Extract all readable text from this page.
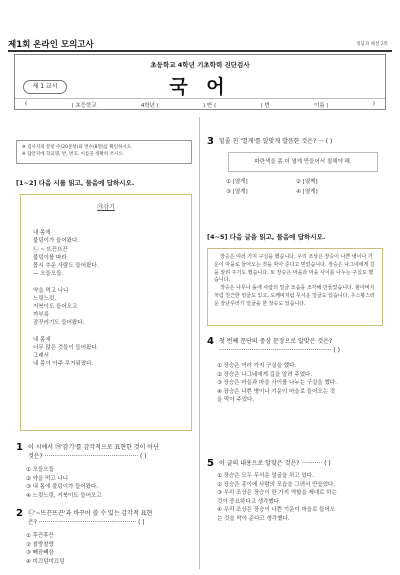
제1회 온라인 모의고사	정답과 해설 2쪽
초등학교 4학년 기초학력 진단검사
제 1 교시	국 어
(	) 초등학교	4학년 (	) 반 (	) 번	이름 (	)
※ 검사지의 문항 수(20문항)와 면수(8면)를 확인하시오.
※ 답안지에 학교명, 반, 번호, 이름을 정확히 쓰시오.
[1~2] 다음 시를 읽고, 물음에 답하시오.
㉮감기
내 몸에
불덩이가 들어왔다.
㉡ ~ 뜨끈뜨끈
불덩이를 따라
몹시 추운 사람도 들어왔다.
― 오들오들.
약을 먹고 나니
느릿느릿,
거북이도 들어오고
까부룩
잠꾸러기도 들어왔다.
내 몸에
너무 많은 것들이 들어왔다.
그래서
내 몸이 아주 무거워졌다.
1 이 시에서 ㉮'감기'를 감각적으로 표현한 것이 아닌
것은? ················································· ( )
① 오들오들
② 약을 먹고 나니
③ 내 몸에 불덩이가 들어왔다.
④ 느릿느릿, 거북이도 들어오고
2 ㉡'~뜨끈뜨끈'과 바꾸어 쓸 수 있는 감각적 표현
은? ··················································· ( )
① 후끈후끈
② 찰랑찰랑
③ 빼끔빼끔
④ 미끄덩미끄덩
3 밑줄 친 '열게'를 알맞게 발음한 것은? ··· ( )
파란색을 좀 더 열게 만들어서 칠해야 해.
① [열게]	② [열께]
③ [열게]	④ [열게]
[4~5] 다음 글을 읽고, 물음에 답하시오.
장승은 여러 가지 구실을 했습니다. 우리 조상은 장승이 나쁜 병이나 기운이 마을로 들어오는 것을 막아 준다고 믿었습니다. 장승은 나그네에게 길을 알려 주기도 했습니다. 또 장승은 마을과 마을 사이를 나누는 구실도 했습니다.
장승은 나무나 돌에 사람의 얼굴 모습을 조각해 만들었습니다. 할아버지처럼 친근한 얼굴도 있고, 도깨비처럼 무서운 얼굴도 있습니다. 우스꽝스러운 장난꾸러기 얼굴을 한 장승도 있습니다.
4 첫 번째 문단의 중심 문장으로 알맞은 것은?
··························································· ( )
① 장승은 여러 가지 구실을 했다.
② 장승은 나그네에게 길을 알려 주었다.
③ 장승은 마을과 마을 사이를 나누는 구실을 했다.
④ 장승은 나쁜 병이나 기운이 마을로 들어오는 것
을 막아 주었다.
5 이 글의 내용으로 알맞은 것은? ··········· ( )
① 장승은 모두 무서운 얼굴을 하고 있다.
② 장승은 종이에 사람의 모습을 그려서 만들었다.
③ 우리 조상은 장승이 한 가지 역할을 제대로 하는
것이 중요하다고 생각했다.
④ 우리 조상은 장승이 나쁜 기운이 마을로 들어오
는 것을 막아 준다고 생각했다.
